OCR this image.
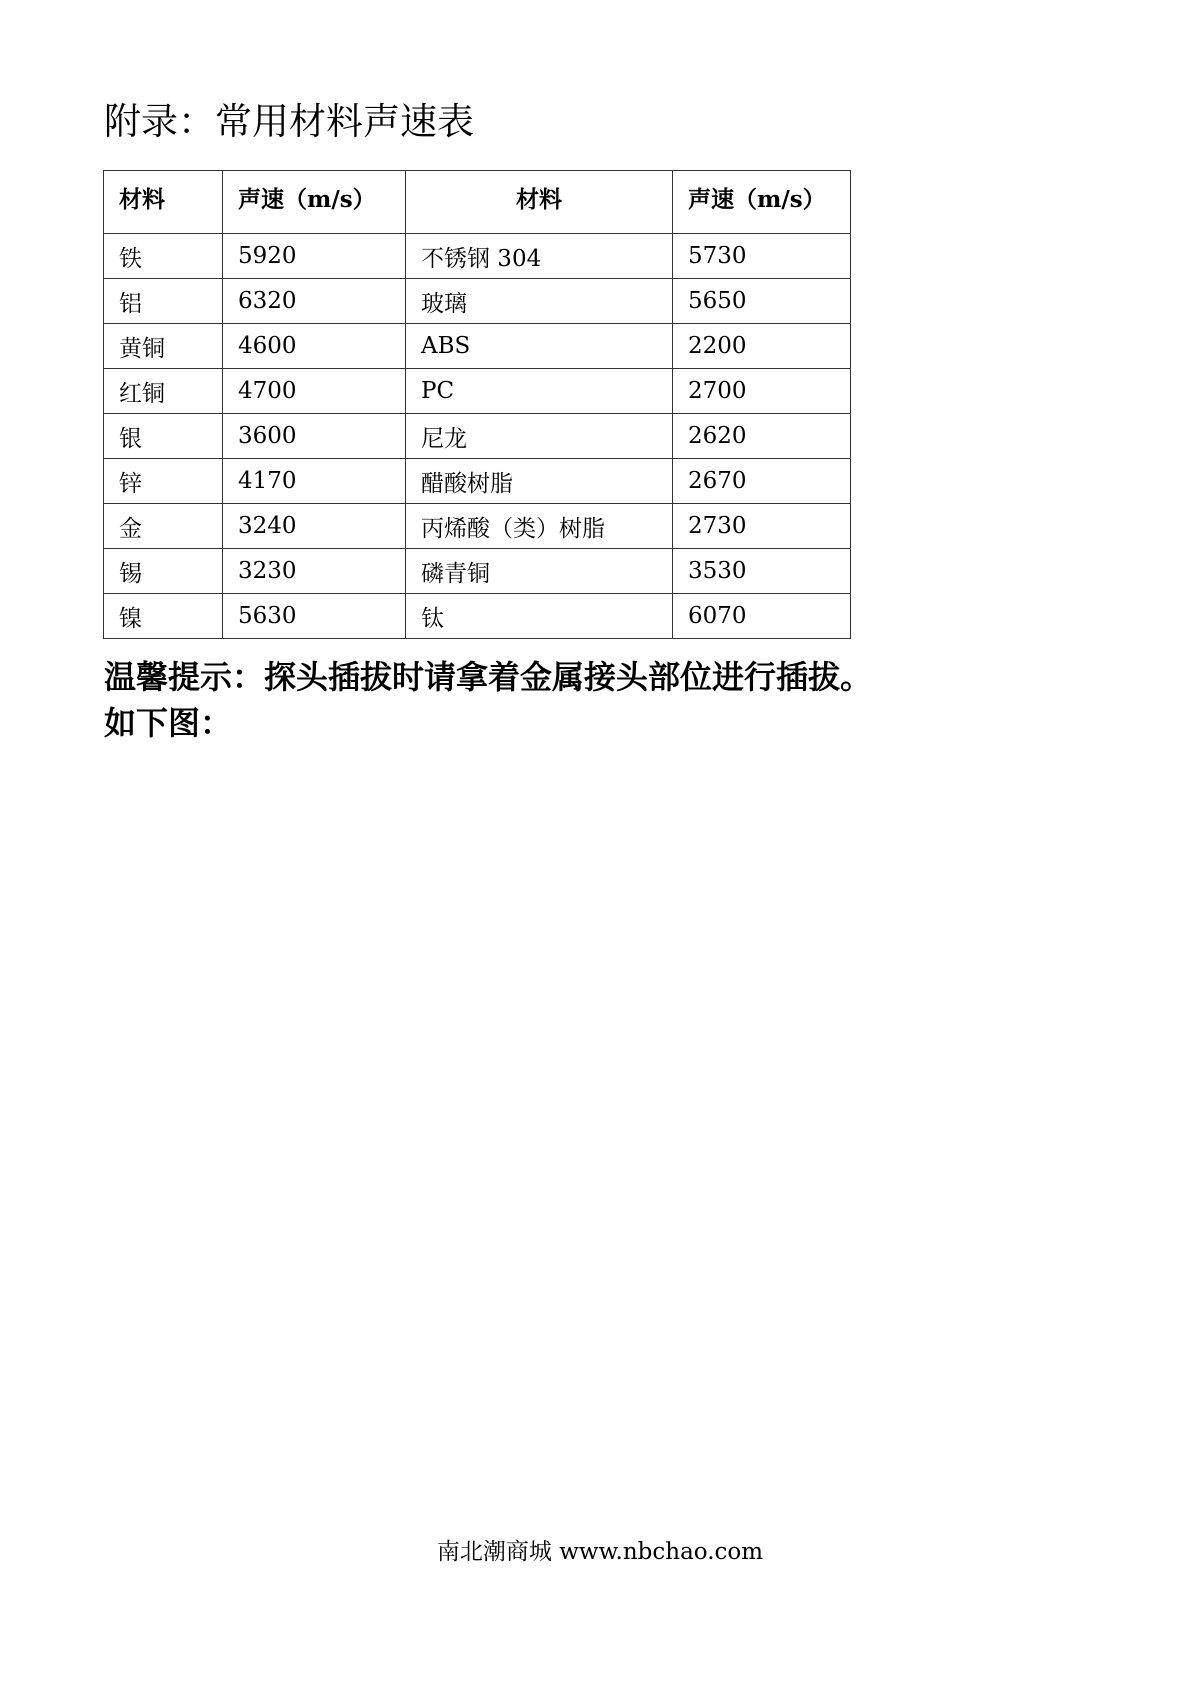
附录：常用材料声速表
材料	声速（m/s）	材料	声速（m/s）
铁	5920	不锈钢 304	5730
铝	6320	玻璃	5650
黄铜	4600	ABS	2200
红铜	4700	PC	2700
银	3600	尼龙	2620
锌	4170	醋酸树脂	2670
金	3240	丙烯酸（类）树脂	2730
锡	3230	磷青铜	3530
镍	5630	钛	6070
温馨提示：探头插拔时请拿着金属接头部位进行插拔。
如下图：
南北潮商城 www.nbchao.com
